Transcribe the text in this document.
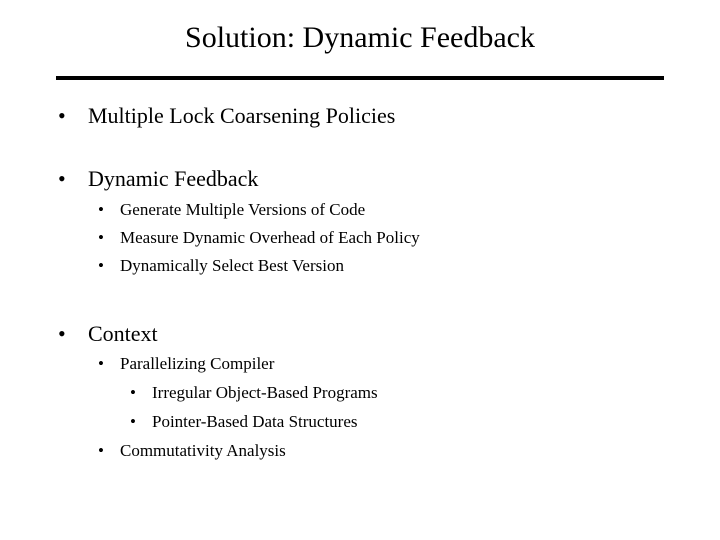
Solution: Dynamic Feedback
• Multiple Lock Coarsening Policies
• Dynamic Feedback
• Generate Multiple Versions of Code
• Measure Dynamic Overhead of Each Policy
• Dynamically Select Best Version
• Context
• Parallelizing Compiler
• Irregular Object-Based Programs
• Pointer-Based Data Structures
• Commutativity Analysis
